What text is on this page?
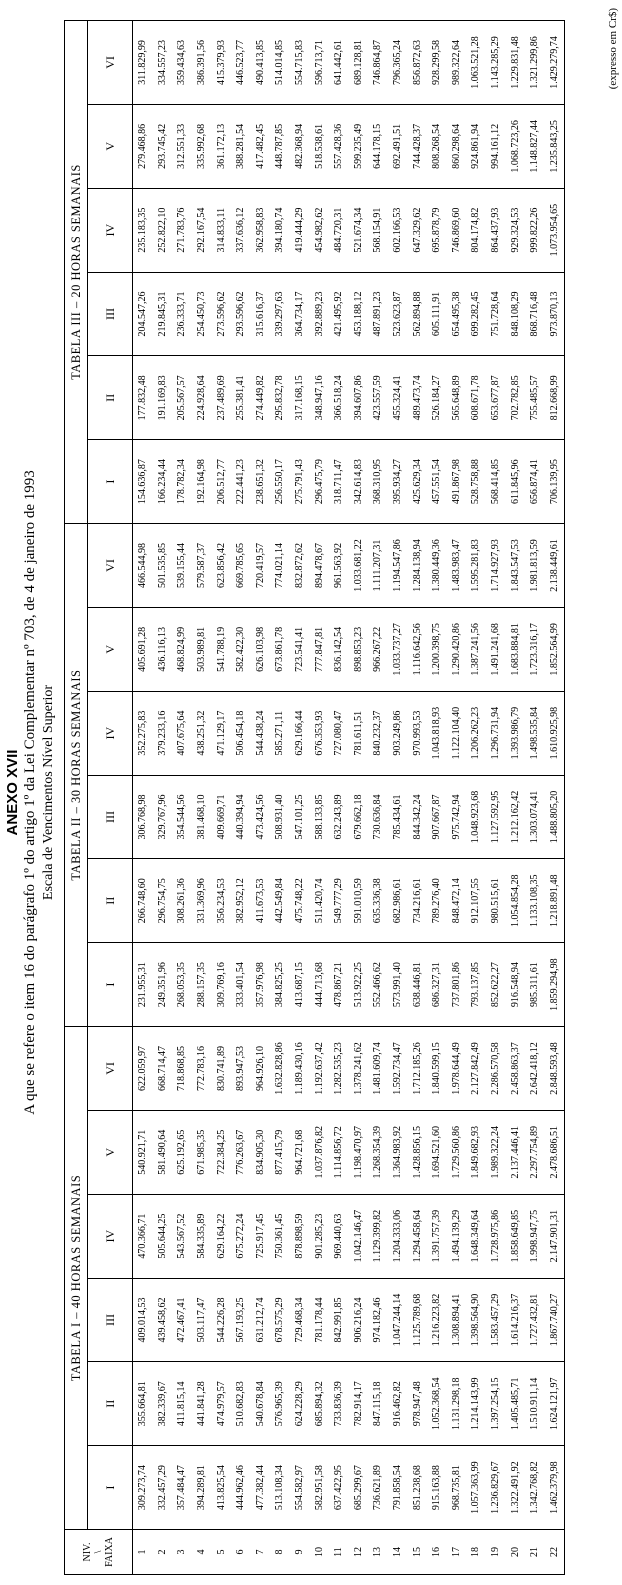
ANEXO XVII A que se refere o item 16 do parágrafo 1º do artigo 1º da Lei Complementar nº 703, de 4 de janeiro de 1993 Escala de Vencimentos Nível Superior
NIV. \ FAIXA	TABELA I – 40 HORAS SEMANAIS						TABELA II – 30 HORAS SEMANAIS						TABELA III – 20 HORAS SEMANAIS					
	I	II	III	IV	V	VI	I	II	III	IV	V	VI	I	II	III	IV	V	VI
1	309.273,74	355.664,81	409.014,53	470.366,71	540.921,71	622.059,97	231.955,31	266.748,60	306.768,98	352.275,83	405.691,28	466.544,98	154.636,87	177.832,48	204.547,26	235.183,35	279.468,86	311.829,99
2	332.457,29	382.339,67	439.458,62	505.644,25	581.490,64	668.714,47	249.351,96	296.754,75	329.767,96	379.233,16	436.116,13	501.535,85	166.234,44	191.169,83	219.845,31	252.822,10	293.745,42	334.557,23
3	357.484,47	411.815,14	472.467,41	543.567,52	625.192,65	718.868,85	268.053,35	308.261,36	354.544,56	407.675,64	468.824,99	539.155,44	178.782,34	205.567,57	236.333,71	271.783,76	312.551,33	359.434,63
4	394.289,81	441.841,28	503.117,47	584.335,89	671.985,35	772.783,16	288.157,35	331.369,96	381.468,10	438.251,32	503.989,81	579.587,37	192.164,98	224.928,64	254.450,73	292.167,54	335.992,68	386.391,56
5	413.825,54	474.979,57	544.226,28	629.164,22	722.384,25	830.741,89	309.769,16	356.234,53	409.669,71	471.129,17	541.788,19	623.856,42	206.512,77	237.489,69	273.596,62	314.833,11	361.172,13	415.379,93
6	444.962,46	510.682,83	567.193,25	675.272,24	776.263,67	893.947,53	333.401,54	382.952,12	440.394,94	506.454,18	582.422,30	669.785,65	222.441,23	255.381,41	293.596,62	337.636,12	388.281,54	446.523,77
7	477.382,44	540.678,84	631.212,74	725.917,45	834.905,30	964.926,10	357.976,98	411.673,53	473.424,56	544.438,24	626.103,98	720.419,57	238.651,32	274.449,82	315.616,37	362.958,83	417.482,45	490.413,85
8	513.108,34	576.965,39	678.575,29	750.361,45	877.415,79	1.632.828,86	384.825,25	442.549,84	508.931,40	585.271,11	673.861,78	774.021,14	256.550,17	295.832,78	339.297,63	394.180,74	448.787,85	514.014,85
9	554.582,97	624.228,29	729.468,34	878.898,59	964.721,68	1.189.430,16	413.687,15	475.748,22	547.101,25	629.166,44	723.541,41	832.872,62	275.791,43	317.168,15	364.734,17	419.444,29	482.368,94	554.715,83
10	582.951,58	685.894,32	781.178,44	901.285,23	1.037.876,82	1.192.637,42	444.713,68	511.420,74	588.133,85	676.353,93	777.847,81	894.478,67	296.475,79	348.947,16	392.889,23	454.982,62	518.538,61	596.713,71
11	637.422,95	733.836,39	842.991,85	969.440,63	1.114.856,72	1.282.535,23	478.867,21	549.777,29	632.243,89	727.080,47	836.142,54	961.563,92	318.711,47	366.518,24	421.495,92	484.720,31	557.428,36	641.442,61
12	685.299,67	782.914,17	906.216,24	1.042.146,47	1.198.470,97	1.378.241,62	513.922,25	591.010,59	679.662,18	781.611,51	898.853,23	1.033.681,22	342.614,83	394.607,86	453.188,12	521.674,34	599.235,49	689.128,81
13	736.621,89	847.115,18	974.182,46	1.129.399,82	1.268.354,39	1.481.609,74	552.466,62	635.336,38	730.636,84	840.232,37	966.267,22	1.111.207,31	368.310,95	423.557,59	487.891,23	568.154,91	644.178,15	746.864,87
14	791.858,54	916.462,82	1.047.244,14	1.204.333,06	1.364.983,92	1.592.734,47	573.991,40	682.986,61	785.434,61	903.249,86	1.033.737,27	1.194.547,86	395.934,27	455.324,41	523.623,87	602.166,53	692.491,51	796.365,24
15	851.238,68	978.947,48	1.125.789,68	1.294.458,64	1.428.856,15	1.712.185,26	638.446,81	734.216,61	844.342,24	970.993,53	1.116.642,56	1.284.138,94	425.629,34	489.473,74	562.894,88	647.329,62	744.428,37	856.872,63
16	915.163,88	1.052.368,54	1.216.223,82	1.391.757,39	1.694.521,60	1.840.599,15	686.327,31	789.276,40	907.667,87	1.043.818,93	1.200.398,75	1.380.449,36	457.551,54	526.184,27	605.111,91	695.878,79	808.268,54	928.299,58
17	968.735,81	1.131.298,18	1.308.894,41	1.494.139,29	1.729.560,86	1.978.644,49	737.801,86	848.472,14	975.742,94	1.122.104,40	1.290.420,86	1.483.983,47	491.867,98	565.648,89	654.495,38	746.869,60	860.298,64	989.322,64
18	1.057.363,99	1.214.143,99	1.398.564,90	1.648.349,64	1.849.682,93	2.127.842,49	793.137,85	912.107,55	1.048.923,68	1.206.262,23	1.387.241,56	1.595.281,83	528.758,88	608.671,78	699.282,45	804.174,82	924.861,94	1.063.521,28
19	1.236.829,67	1.397.254,15	1.583.457,29	1.728.975,86	1.989.322,24	2.286.570,58	852.622,27	980.515,61	1.127.592,95	1.296.731,94	1.491.241,68	1.714.927,93	568.414,85	653.677,87	751.728,64	864.437,93	994.161,12	1.143.285,29
20	1.322.491,92	1.405.485,71	1.614.216,37	1.858.649,85	2.137.446,41	2.458.863,37	916.548,94	1.054.854,28	1.212.162,42	1.393.986,79	1.683.884,81	1.843.547,53	611.845,96	702.782,85	848.108,29	929.324,53	1.068.723,26	1.229.831,48
21	1.342.768,82	1.510.911,14	1.727.432,81	1.998.947,75	2.297.754,89	2.642.418,12	985.311,61	1.133.108,35	1.303.074,41	1.498.535,84	1.723.316,17	1.981.813,59	656.874,41	755.485,57	868.716,48	999.822,26	1.148.827,44	1.321.299,86
22	1.462.379,98	1.624.121,97	1.867.740,27	2.147.901,31	2.478.686,51	2.848.593,48	1.859.294,98	1.218.891,48	1.488.805,20	1.610.925,98	1.852.564,99	2.138.449,61	706.139,95	812.668,99	973.870,13	1.073.954,65	1.235.843,25	1.429.279,74	(expresso em Cr$)
